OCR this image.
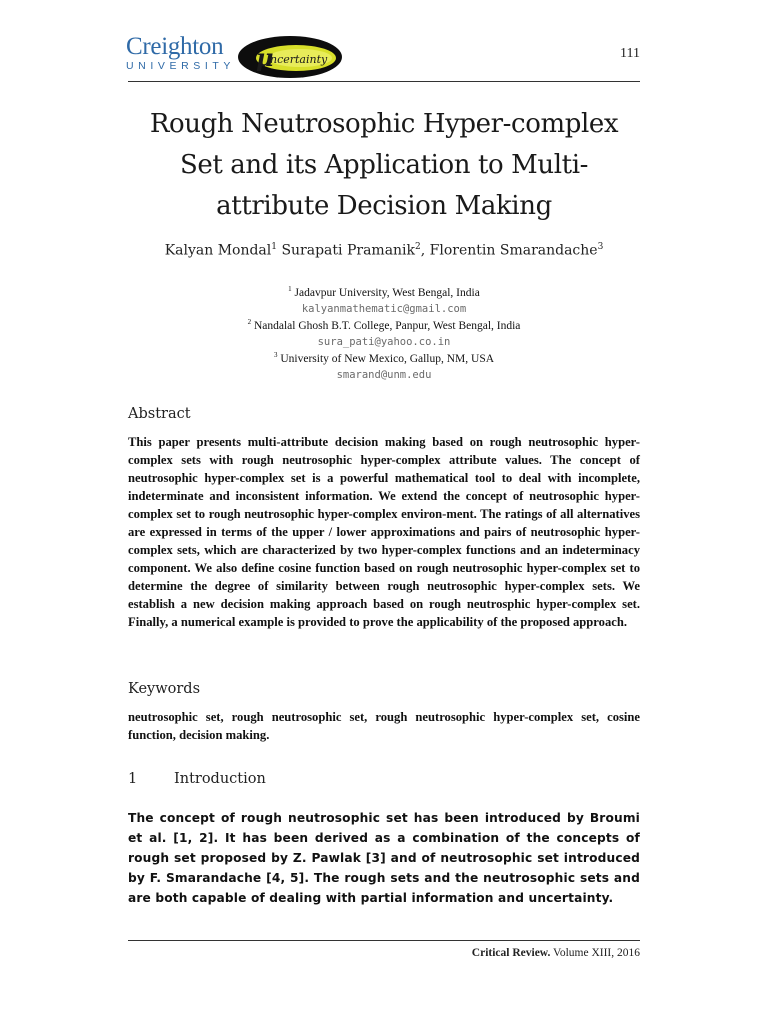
Creighton
UNIVERSITY μ
ncertainty	111
Rough Neutrosophic Hyper-complex
Set and its Application to Multi-
attribute Decision Making
Kalyan Mondal$^1$ Surapati Pramanik$^2$, Florentin Smarandache$^3$
$^1$ Jadavpur University, West Bengal, India
kalyanmathematic@gmail.com
$^2$ Nandalal Ghosh B.T. College, Panpur, West Bengal, India
sura_pati@yahoo.co.in
$^3$ University of New Mexico, Gallup, NM, USA
smarand@unm.edu
Abstract

This paper presents multi-attribute decision making based on rough neutrosophic hyper-complex sets with rough neutrosophic hyper-complex attribute values. The concept of neutrosophic hyper-complex set is a powerful mathematical tool to deal with incomplete, indeterminate and inconsistent information. We extend the concept of neutrosophic hyper-complex set to rough neutrosophic hyper-complex environ-ment. The ratings of all alternatives are expressed in terms of the upper / lower approximations and pairs of neutrosophic hyper-complex sets, which are characterized by two hyper-complex functions and an indeterminacy component. We also define cosine function based on rough neutrosophic hyper-complex set to determine the degree of similarity between rough neutrosophic hyper-complex sets. We establish a new decision making approach based on rough neutrosphic hyper-complex set. Finally, a numerical example is provided to prove the applicability of the proposed approach.

Keywords

neutrosophic set, rough neutrosophic set, rough neutrosophic hyper-complex set, cosine function, decision making.

1	Introduction
The concept of rough neutrosophic set has been introduced by Broumi et al. [1, 2]. It has been derived as a combination of the concepts of rough set proposed by Z. Pawlak [3] and of neutrosophic set introduced by F. Smarandache [4, 5]. The rough sets and the neutrosophic sets and are both capable of dealing with partial information and uncertainty.
Critical Review. Volume XIII, 2016
